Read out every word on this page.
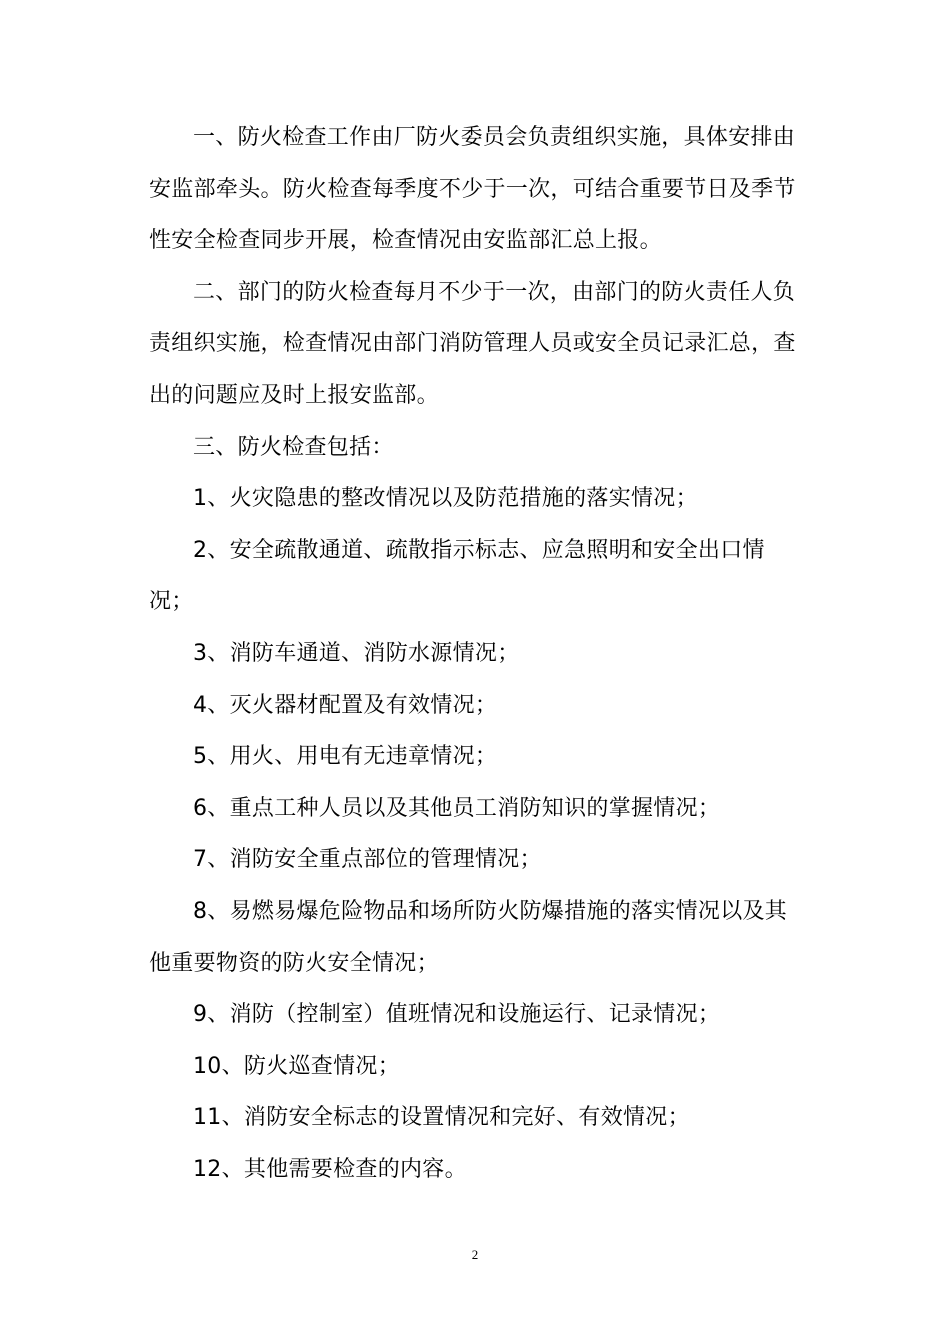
一、防火检查工作由厂防火委员会负责组织实施，具体安排由安监部牵头。防火检查每季度不少于一次，可结合重要节日及季节性安全检查同步开展，检查情况由安监部汇总上报。

二、部门的防火检查每月不少于一次，由部门的防火责任人负责组织实施，检查情况由部门消防管理人员或安全员记录汇总，查出的问题应及时上报安监部。

三、防火检查包括：

1、火灾隐患的整改情况以及防范措施的落实情况；

2、安全疏散通道、疏散指示标志、应急照明和安全出口情况；

3、消防车通道、消防水源情况；

4、灭火器材配置及有效情况；

5、用火、用电有无违章情况；

6、重点工种人员以及其他员工消防知识的掌握情况；

7、消防安全重点部位的管理情况；

8、易燃易爆危险物品和场所防火防爆措施的落实情况以及其他重要物资的防火安全情况；

9、消防（控制室）值班情况和设施运行、记录情况；

10、防火巡查情况；

11、消防安全标志的设置情况和完好、有效情况；

12、其他需要检查的内容。

2
